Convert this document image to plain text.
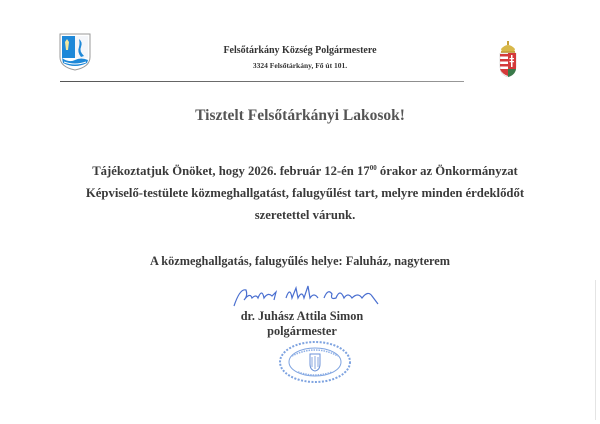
Felsőtárkány Község Polgármestere
3324 Felsőtárkány, Fő út 101.
Tisztelt Felsőtárkányi Lakosok!

Tájékoztatjuk Önöket, hogy 2026. február 12-én $17^{00}$ órakor az Önkormányzat

Képviselő-testülete közmeghallgatást, falugyűlést tart, melyre minden érdeklődőt

szeretettel várunk.

A közmeghallgatás, falugyűlés helye: Faluház, nagyterem
dr. Juhász Attila Simon
polgármester
